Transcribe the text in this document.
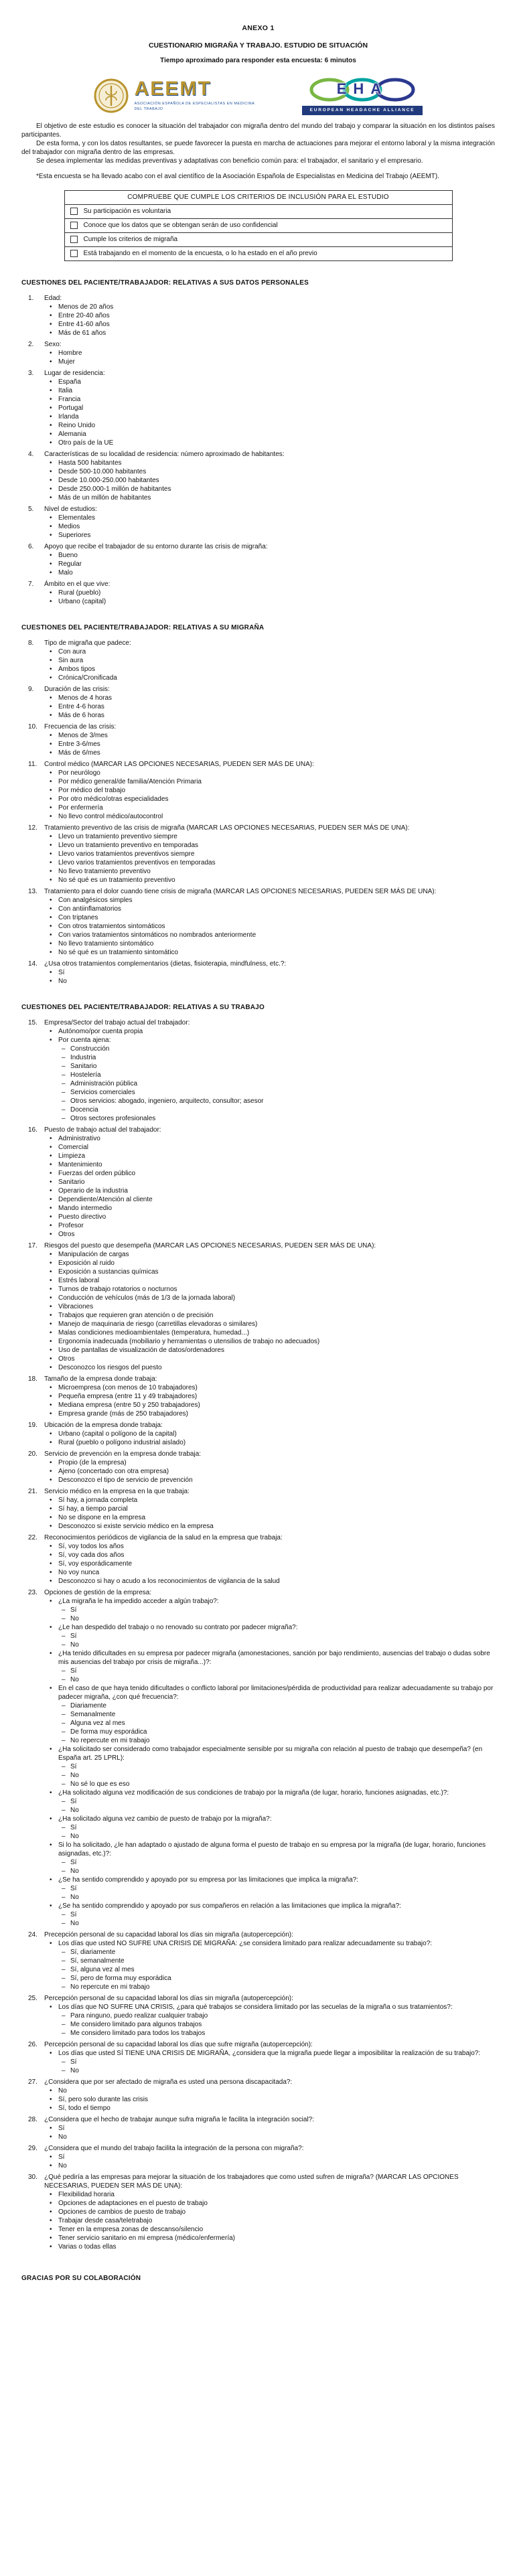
ANEXO 1
CUESTIONARIO MIGRAÑA Y TRABAJO. ESTUDIO DE SITUACIÓN
Tiempo aproximado para responder esta encuesta: 6 minutos
AEEMT
ASOCIACIÓN ESPAÑOLA DE ESPECIALISTAS EN MEDICINA DEL TRABAJO
EHA
EUROPEAN HEADACHE ALLIANCE

El objetivo de este estudio es conocer la situación del trabajador con migraña dentro del mundo del trabajo y comparar la situación en los distintos países participantes.

De esta forma, y con los datos resultantes, se puede favorecer la puesta en marcha de actuaciones para mejorar el entorno laboral y la misma integración del trabajador con migraña dentro de las empresas.

Se desea implementar las medidas preventivas y adaptativas con beneficio común para: el trabajador, el sanitario y el empresario.

*Esta encuesta se ha llevado acabo con el aval científico de la Asociación Española de Especialistas en Medicina del Trabajo (AEEMT).

COMPRUEBE QUE CUMPLE LOS CRITERIOS DE INCLUSIÓN PARA EL ESTUDIO
Su participación es voluntaria
Conoce que los datos que se obtengan serán de uso confidencial
Cumple los criterios de migraña
Está trabajando en el momento de la encuesta, o lo ha estado en el año previo
CUESTIONES DEL PACIENTE/TRABAJADOR: RELATIVAS A SUS DATOS PERSONALES
1.	Edad:
• Menos de 20 años
• Entre 20-40 años
• Entre 41-60 años
• Más de 61 años
2.	Sexo:
• Hombre
• Mujer
3.	Lugar de residencia:
• España
• Italia
• Francia
• Portugal
• Irlanda
• Reino Unido
• Alemania
• Otro país de la UE
4.	Características de su localidad de residencia: número aproximado de habitantes:
• Hasta 500 habitantes
• Desde 500-10.000 habitantes
• Desde 10.000-250.000 habitantes
• Desde 250.000-1 millón de habitantes
• Más de un millón de habitantes
5.	Nivel de estudios:
• Elementales
• Medios
• Superiores
6.	Apoyo que recibe el trabajador de su entorno durante las crisis de migraña:
• Bueno
• Regular
• Malo
7.	Ámbito en el que vive:
• Rural (pueblo)
• Urbano (capital)
CUESTIONES DEL PACIENTE/TRABAJADOR: RELATIVAS A SU MIGRAÑA
8.	Tipo de migraña que padece:
• Con aura
• Sin aura
• Ambos tipos
• Crónica/Cronificada
9.	Duración de las crisis:
• Menos de 4 horas
• Entre 4-6 horas
• Más de 6 horas
10.	Frecuencia de las crisis:
• Menos de 3/mes
• Entre 3-6/mes
• Más de 6/mes
11.	Control médico (MARCAR LAS OPCIONES NECESARIAS, PUEDEN SER MÁS DE UNA):
• Por neurólogo
• Por médico general/de familia/Atención Primaria
• Por médico del trabajo
• Por otro médico/otras especialidades
• Por enfermería
• No llevo control médico/autocontrol
12.	Tratamiento preventivo de las crisis de migraña (MARCAR LAS OPCIONES NECESARIAS, PUEDEN SER MÁS DE UNA):
• Llevo un tratamiento preventivo siempre
• Llevo un tratamiento preventivo en temporadas
• Llevo varios tratamientos preventivos siempre
• Llevo varios tratamientos preventivos en temporadas
• No llevo tratamiento preventivo
• No sé qué es un tratamiento preventivo
13.	Tratamiento para el dolor cuando tiene crisis de migraña (MARCAR LAS OPCIONES NECESARIAS, PUEDEN SER MÁS DE UNA):
• Con analgésicos simples
• Con antiinflamatorios
• Con triptanes
• Con otros tratamientos sintomáticos
• Con varios tratamientos sintomáticos no nombrados anteriormente
• No llevo tratamiento sintomático
• No sé qué es un tratamiento sintomático
14.	¿Usa otros tratamientos complementarios (dietas, fisioterapia, mindfulness, etc.?:
• Sí
• No
CUESTIONES DEL PACIENTE/TRABAJADOR: RELATIVAS A SU TRABAJO
15.	Empresa/Sector del trabajo actual del trabajador:
• Autónomo/por cuenta propia
• Por cuenta ajena:
– Construcción
– Industria
– Sanitario
– Hostelería
– Administración pública
– Servicios comerciales
– Otros servicios: abogado, ingeniero, arquitecto, consultor; asesor
– Docencia
– Otros sectores profesionales
16.	Puesto de trabajo actual del trabajador:
• Administrativo
• Comercial
• Limpieza
• Mantenimiento
• Fuerzas del orden público
• Sanitario
• Operario de la industria
• Dependiente/Atención al cliente
• Mando intermedio
• Puesto directivo
• Profesor
• Otros
17.	Riesgos del puesto que desempeña (MARCAR LAS OPCIONES NECESARIAS, PUEDEN SER MÁS DE UNA):
• Manipulación de cargas
• Exposición al ruido
• Exposición a sustancias químicas
• Estrés laboral
• Turnos de trabajo rotatorios o nocturnos
• Conducción de vehículos (más de 1/3 de la jornada laboral)
• Vibraciones
• Trabajos que requieren gran atención o de precisión
• Manejo de maquinaria de riesgo (carretillas elevadoras o similares)
• Malas condiciones medioambientales (temperatura, humedad...)
• Ergonomía inadecuada (mobiliario y herramientas o utensilios de trabajo no adecuados)
• Uso de pantallas de visualización de datos/ordenadores
• Otros
• Desconozco los riesgos del puesto
18.	Tamaño de la empresa donde trabaja:
• Microempresa (con menos de 10 trabajadores)
• Pequeña empresa (entre 11 y 49 trabajadores)
• Mediana empresa (entre 50 y 250 trabajadores)
• Empresa grande (más de 250 trabajadores)
19.	Ubicación de la empresa donde trabaja:
• Urbano (capital o polígono de la capital)
• Rural (pueblo o polígono industrial aislado)
20.	Servicio de prevención en la empresa donde trabaja:
• Propio (de la empresa)
• Ajeno (concertado con otra empresa)
• Desconozco el tipo de servicio de prevención
21.	Servicio médico en la empresa en la que trabaja:
• Sí hay, a jornada completa
• Sí hay, a tiempo parcial
• No se dispone en la empresa
• Desconozco si existe servicio médico en la empresa
22.	Reconocimientos periódicos de vigilancia de la salud en la empresa que trabaja:
• Sí, voy todos los años
• Sí, voy cada dos años
• Sí, voy esporádicamente
• No voy nunca
• Desconozco si hay o acudo a los reconocimientos de vigilancia de la salud
23.	Opciones de gestión de la empresa:
• ¿La migraña le ha impedido acceder a algún trabajo?:
– Sí
– No
• ¿Le han despedido del trabajo o no renovado su contrato por padecer migraña?:
– Sí
– No
• ¿Ha tenido dificultades en su empresa por padecer migraña (amonestaciones, sanción por bajo rendimiento, ausencias del trabajo o dudas sobre mis ausencias del trabajo por crisis de migraña...)?:
– Sí
– No
• En el caso de que haya tenido dificultades o conflicto laboral por limitaciones/pérdida de productividad para realizar adecuadamente su trabajo por padecer migraña, ¿con qué frecuencia?:
– Diariamente
– Semanalmente
– Alguna vez al mes
– De forma muy esporádica
– No repercute en mi trabajo
• ¿Ha solicitado ser considerado como trabajador especialmente sensible por su migraña con relación al puesto de trabajo que desempeña? (en España art. 25 LPRL):
– Sí
– No
– No sé lo que es eso
• ¿Ha solicitado alguna vez modificación de sus condiciones de trabajo por la migraña (de lugar, horario, funciones asignadas, etc.)?:
– Sí
– No
• ¿Ha solicitado alguna vez cambio de puesto de trabajo por la migraña?:
– Sí
– No
• Si lo ha solicitado, ¿le han adaptado o ajustado de alguna forma el puesto de trabajo en su empresa por la migraña (de lugar, horario, funciones asignadas, etc.)?:
– Sí
– No
• ¿Se ha sentido comprendido y apoyado por su empresa por las limitaciones que implica la migraña?:
– Sí
– No
• ¿Se ha sentido comprendido y apoyado por sus compañeros en relación a las limitaciones que implica la migraña?:
– Sí
– No
24.	Precepción personal de su capacidad laboral los días sin migraña (autopercepción):
• Los días que usted NO SUFRE UNA CRISIS DE MIGRAÑA: ¿se considera limitado para realizar adecuadamente su trabajo?:
– Sí, diariamente
– Sí, semanalmente
– Sí, alguna vez al mes
– Sí, pero de forma muy esporádica
– No repercute en mi trabajo
25.	Percepción personal de su capacidad laboral los días sin migraña (autopercepción):
• Los días que NO SUFRE UNA CRISIS, ¿para qué trabajos se considera limitado por las secuelas de la migraña o sus tratamientos?:
– Para ninguno, puedo realizar cualquier trabajo
– Me considero limitado para algunos trabajos
– Me considero limitado para todos los trabajos
26.	Percepción personal de su capacidad laboral los días que sufre migraña (autopercepción):
• Los días que usted SÍ TIENE UNA CRISIS DE MIGRAÑA, ¿considera que la migraña puede llegar a imposibilitar la realización de su trabajo?:
– Sí
– No
27.	¿Considera que por ser afectado de migraña es usted una persona discapacitada?:
• No
• Sí, pero solo durante las crisis
• Sí, todo el tiempo
28.	¿Considera que el hecho de trabajar aunque sufra migraña le facilita la integración social?:
• Sí
• No
29.	¿Considera que el mundo del trabajo facilita la integración de la persona con migraña?:
• Sí
• No
30.	¿Qué pediría a las empresas para mejorar la situación de los trabajadores que como usted sufren de migraña? (MARCAR LAS OPCIONES NECESARIAS, PUEDEN SER MÁS DE UNA):
• Flexibilidad horaria
• Opciones de adaptaciones en el puesto de trabajo
• Opciones de cambios de puesto de trabajo
• Trabajar desde casa/teletrabajo
• Tener en la empresa zonas de descanso/silencio
• Tener servicio sanitario en mi empresa (médico/enfermería)
• Varias o todas ellas
GRACIAS POR SU COLABORACIÓN
